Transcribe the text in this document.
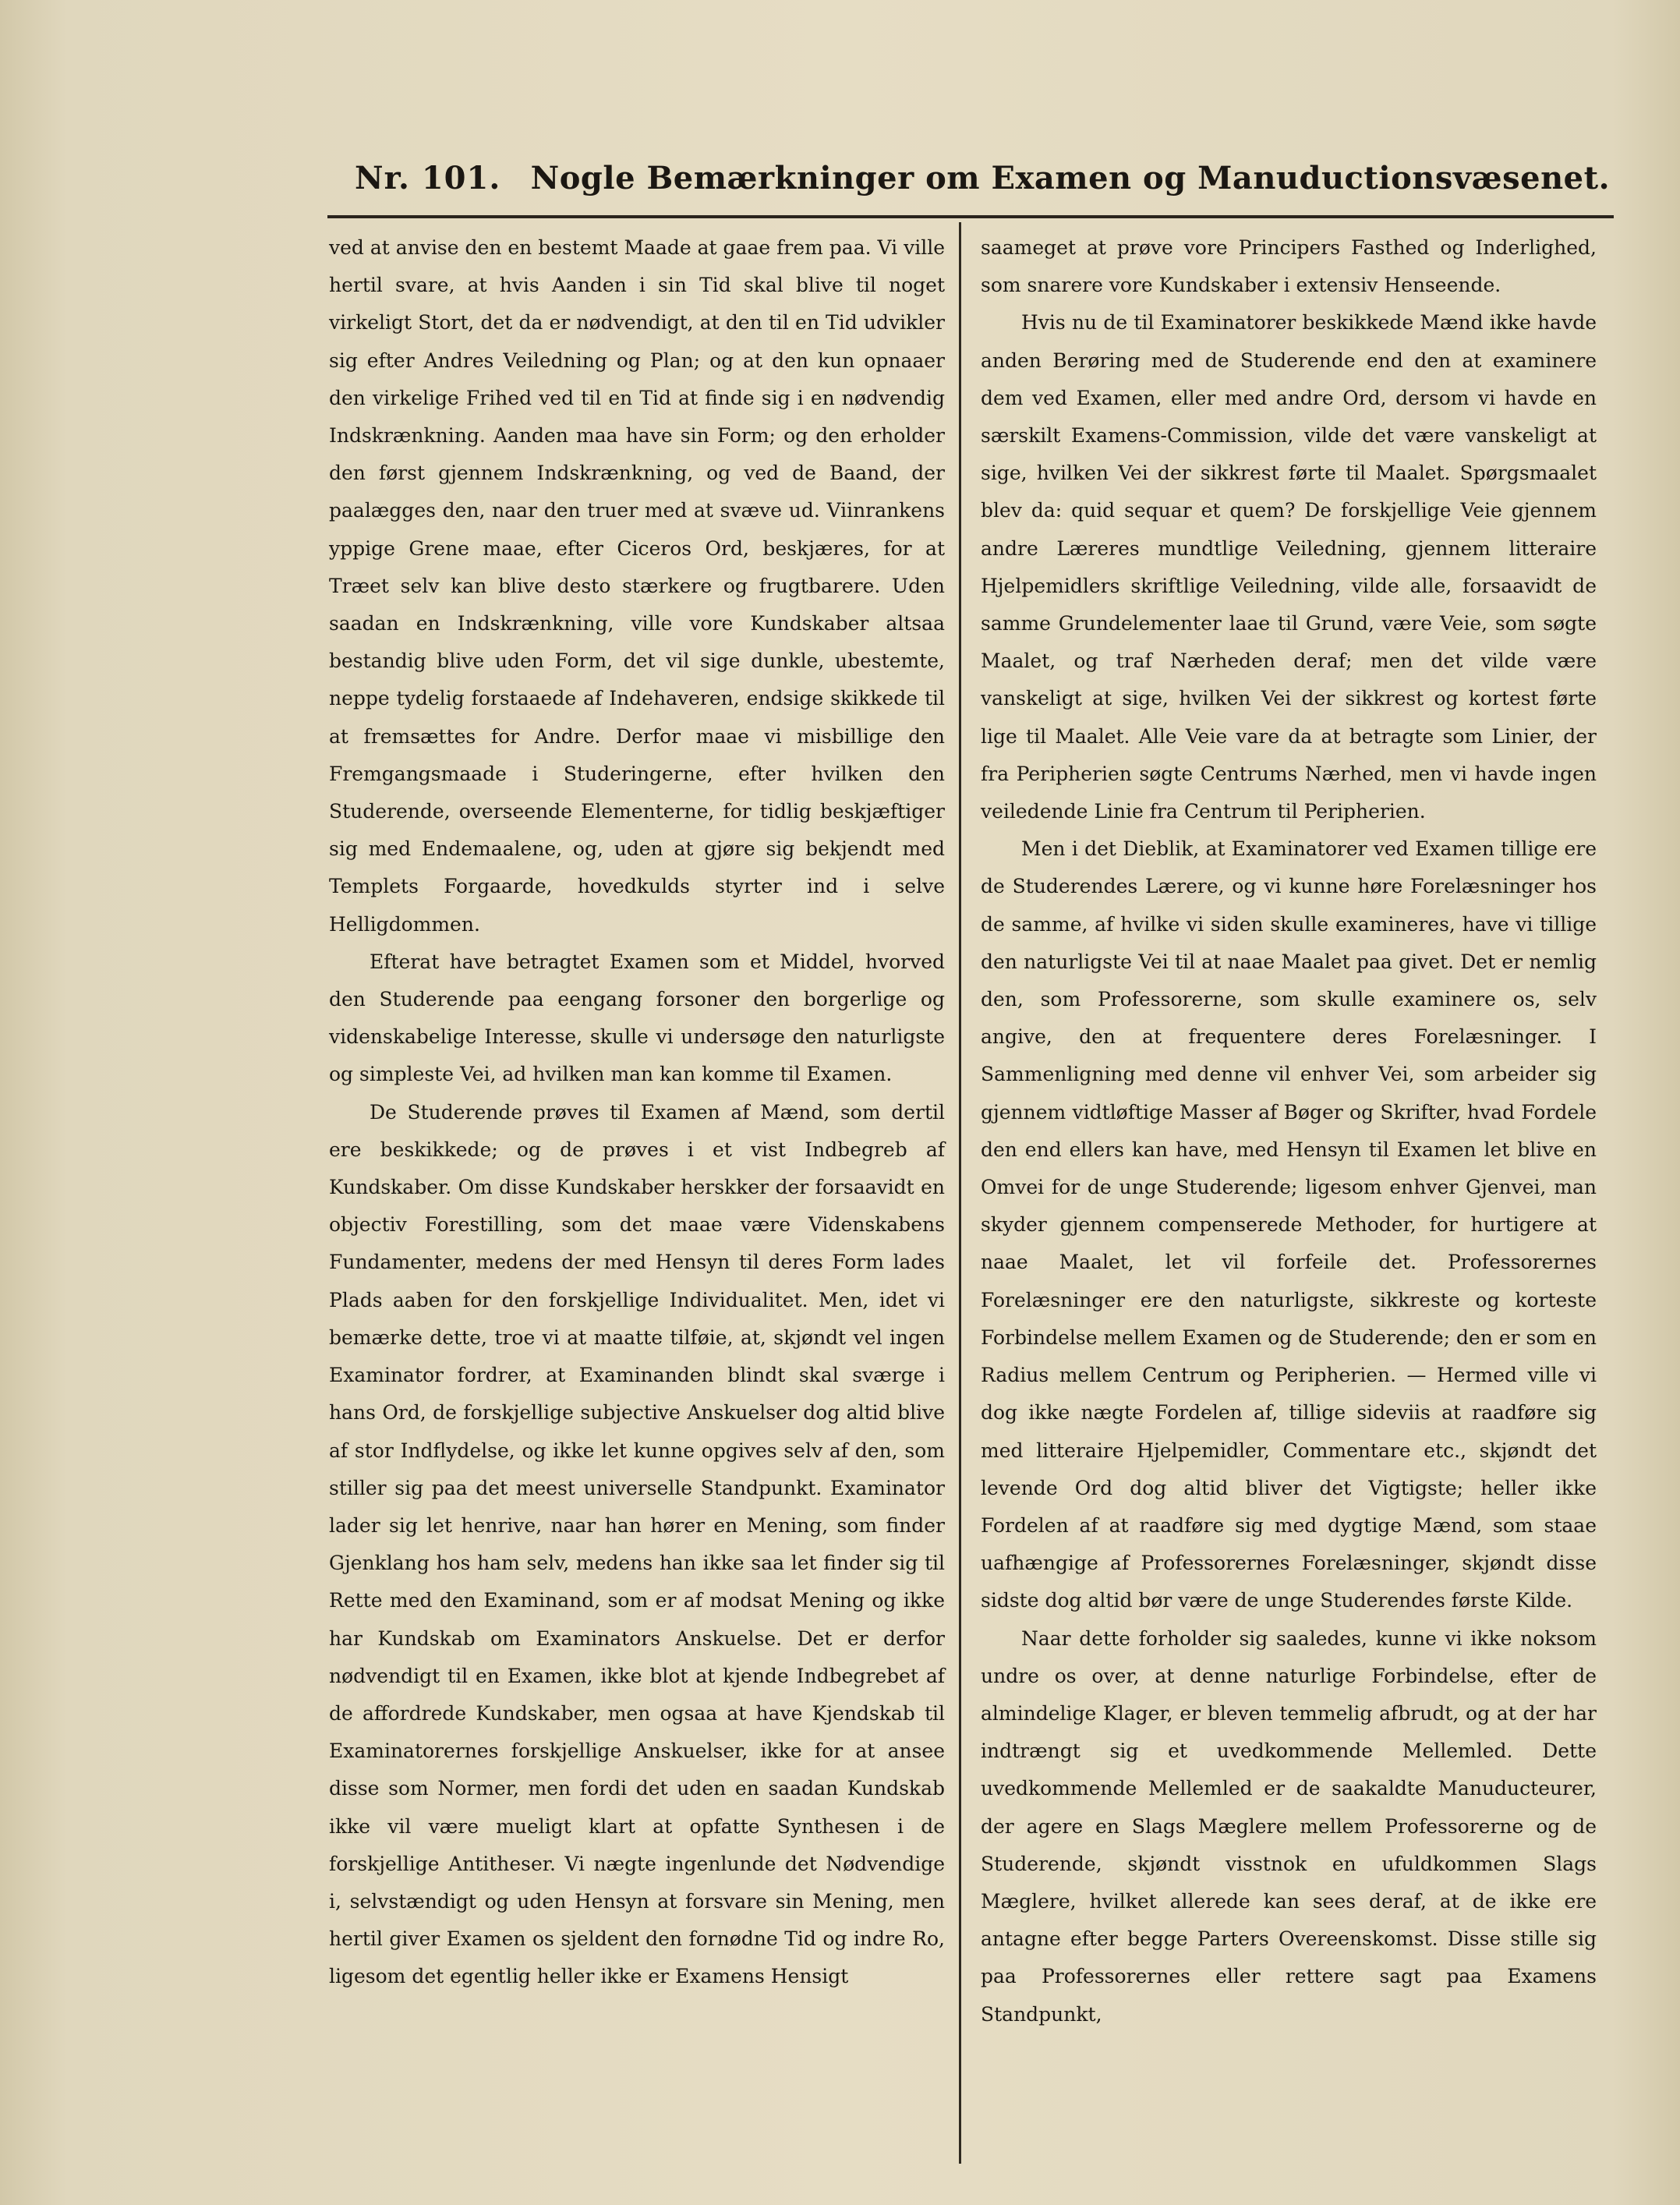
Nr. 101. Nogle Bemærkninger om Examen og Manuductionsvæsenet.

ved at anvise den en bestemt Maade at gaae frem paa. Vi ville hertil svare, at hvis Aanden i sin Tid skal blive til noget virkeligt Stort, det da er nødvendigt, at den til en Tid udvikler sig efter Andres Veiledning og Plan; og at den kun opnaaer den virkelige Frihed ved til en Tid at finde sig i en nødvendig Indskrænkning. Aanden maa have sin Form; og den erholder den først gjennem Indskrænkning, og ved de Baand, der paalægges den, naar den truer med at svæve ud. Viinrankens yppige Grene maae, efter Ciceros Ord, beskjæres, for at Træet selv kan blive desto stærkere og frugtbarere. Uden saadan en Indskrænkning, ville vore Kundskaber altsaa bestandig blive uden Form, det vil sige dunkle, ubestemte, neppe tydelig forstaaede af Indehaveren, endsige skikkede til at fremsættes for Andre. Derfor maae vi misbillige den Fremgangsmaade i Studeringerne, efter hvilken den Studerende, overseende Elementerne, for tidlig beskjæftiger sig med Endemaalene, og, uden at gjøre sig bekjendt med Templets Forgaarde, hovedkulds styrter ind i selve Helligdommen.

Efterat have betragtet Examen som et Middel, hvorved den Studerende paa eengang forsoner den borgerlige og videnskabelige Interesse, skulle vi undersøge den naturligste og simpleste Vei, ad hvilken man kan komme til Examen.

De Studerende prøves til Examen af Mænd, som dertil ere beskikkede; og de prøves i et vist Indbegreb af Kundskaber. Om disse Kundskaber herskker der forsaavidt en objectiv Forestilling, som det maae være Videnskabens Fundamenter, medens der med Hensyn til deres Form lades Plads aaben for den forskjellige Individualitet. Men, idet vi bemærke dette, troe vi at maatte tilføie, at, skjøndt vel ingen Examinator fordrer, at Examinanden blindt skal sværge i hans Ord, de forskjellige subjective Anskuelser dog altid blive af stor Indflydelse, og ikke let kunne opgives selv af den, som stiller sig paa det meest universelle Standpunkt. Examinator lader sig let henrive, naar han hører en Mening, som finder Gjenklang hos ham selv, medens han ikke saa let finder sig til Rette med den Examinand, som er af modsat Mening og ikke har Kundskab om Examinators Anskuelse. Det er derfor nødvendigt til en Examen, ikke blot at kjende Indbegrebet af de affordrede Kundskaber, men ogsaa at have Kjendskab til Examinatorernes forskjellige Anskuelser, ikke for at ansee disse som Normer, men fordi det uden en saadan Kundskab ikke vil være mueligt klart at opfatte Synthesen i de forskjellige Antitheser. Vi nægte ingenlunde det Nødvendige i, selvstændigt og uden Hensyn at forsvare sin Mening, men hertil giver Examen os sjeldent den fornødne Tid og indre Ro, ligesom det egentlig heller ikke er Examens Hensigt

saameget at prøve vore Principers Fasthed og Inderlighed, som snarere vore Kundskaber i extensiv Henseende.

Hvis nu de til Examinatorer beskikkede Mænd ikke havde anden Berøring med de Studerende end den at examinere dem ved Examen, eller med andre Ord, dersom vi havde en særskilt Examens-Commission, vilde det være vanskeligt at sige, hvilken Vei der sikkrest førte til Maalet. Spørgsmaalet blev da: quid sequar et quem? De forskjellige Veie gjennem andre Læreres mundtlige Veiledning, gjennem litteraire Hjelpemidlers skriftlige Veiledning, vilde alle, forsaavidt de samme Grundelementer laae til Grund, være Veie, som søgte Maalet, og traf Nærheden deraf; men det vilde være vanskeligt at sige, hvilken Vei der sikkrest og kortest førte lige til Maalet. Alle Veie vare da at betragte som Linier, der fra Peripherien søgte Centrums Nærhed, men vi havde ingen veiledende Linie fra Centrum til Peripherien.

Men i det Dieblik, at Examinatorer ved Examen tillige ere de Studerendes Lærere, og vi kunne høre Forelæsninger hos de samme, af hvilke vi siden skulle examineres, have vi tillige den naturligste Vei til at naae Maalet paa givet. Det er nemlig den, som Professorerne, som skulle examinere os, selv angive, den at frequentere deres Forelæsninger. I Sammenligning med denne vil enhver Vei, som arbeider sig gjennem vidtløftige Masser af Bøger og Skrifter, hvad Fordele den end ellers kan have, med Hensyn til Examen let blive en Omvei for de unge Studerende; ligesom enhver Gjenvei, man skyder gjennem compenserede Methoder, for hurtigere at naae Maalet, let vil forfeile det. Professorernes Forelæsninger ere den naturligste, sikkreste og korteste Forbindelse mellem Examen og de Studerende; den er som en Radius mellem Centrum og Peripherien. — Hermed ville vi dog ikke nægte Fordelen af, tillige sideviis at raadføre sig med litteraire Hjelpemidler, Commentare etc., skjøndt det levende Ord dog altid bliver det Vigtigste; heller ikke Fordelen af at raadføre sig med dygtige Mænd, som staae uafhængige af Professorernes Forelæsninger, skjøndt disse sidste dog altid bør være de unge Studerendes første Kilde.

Naar dette forholder sig saaledes, kunne vi ikke noksom undre os over, at denne naturlige Forbindelse, efter de almindelige Klager, er bleven temmelig afbrudt, og at der har indtrængt sig et uvedkommende Mellemled. Dette uvedkommende Mellemled er de saakaldte Manuducteurer, der agere en Slags Mæglere mellem Professorerne og de Studerende, skjøndt visstnok en ufuldkommen Slags Mæglere, hvilket allerede kan sees deraf, at de ikke ere antagne efter begge Parters Overeenskomst. Disse stille sig paa Professorernes eller rettere sagt paa Examens Standpunkt,
